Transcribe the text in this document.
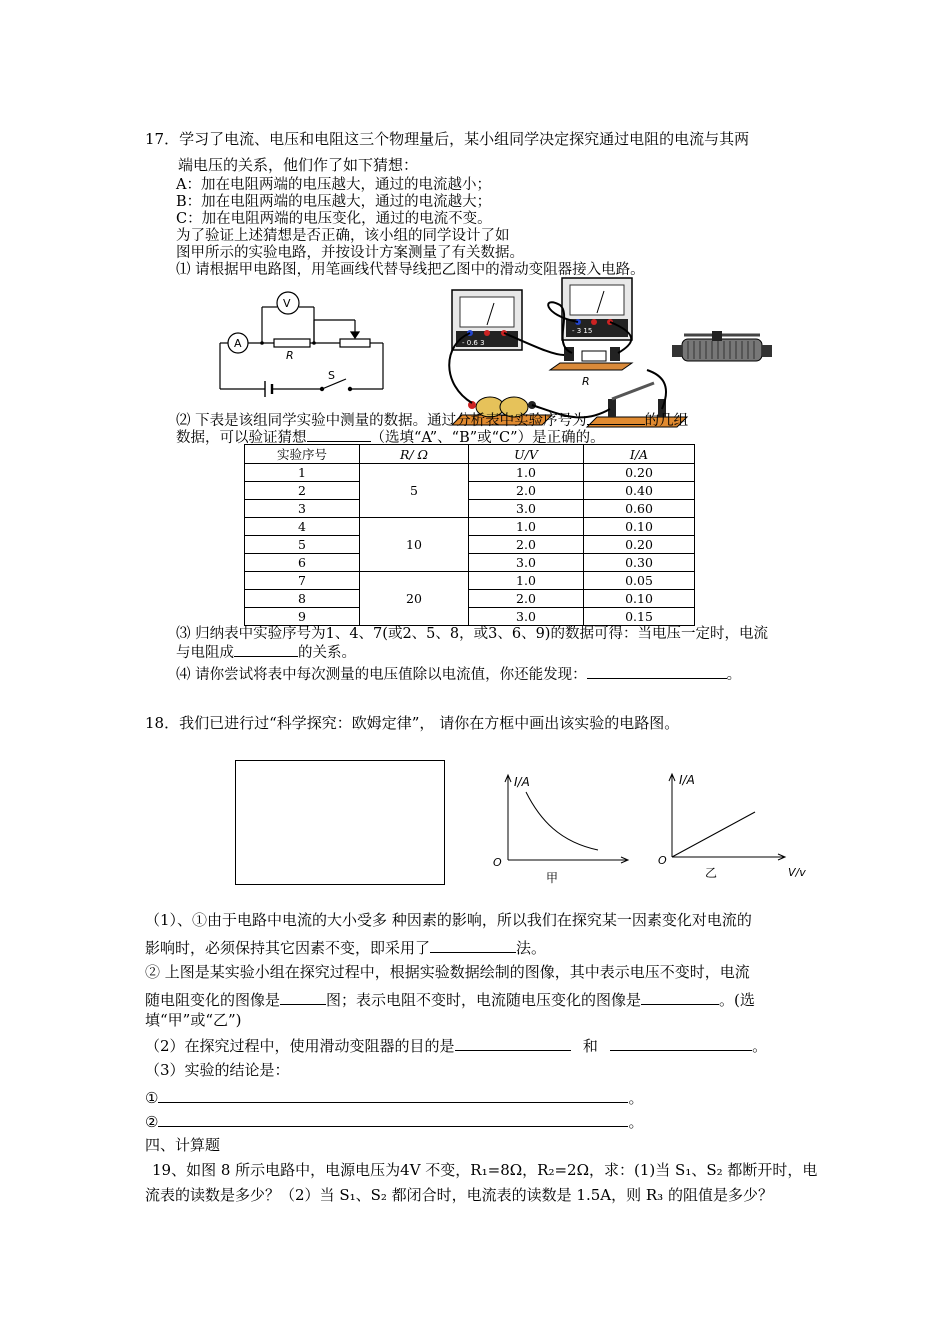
17．学习了电流、电压和电阻这三个物理量后，某小组同学决定探究通过电阻的电流与其两
端电压的关系，他们作了如下猜想：
A：加在电阻两端的电压越大，通过的电流越小；
B：加在电阻两端的电压越大，通过的电流越大；
C：加在电阻两端的电压变化，通过的电流不变。
为了验证上述猜想是否正确，该小组的同学设计了如
图甲所示的实验电路，并按设计方案测量了有关数据。
⑴ 请根据甲电路图，用笔画线代替导线把乙图中的滑动变阻器接入电路。
V
A
R
S
- 0.6 3
- 3 15
R
⑵ 下表是该组同学实验中测量的数据。通过分析表中实验序号为	的几组
数据，可以验证猜想	（选填“A”、“B”或“C”）是正确的。
实验序号	R/ Ω	U/V	I/A
1	5	1.0	0.20
2		2.0	0.40
3		3.0	0.60
4	10	1.0	0.10
5		2.0	0.20
6		3.0	0.30
7	20	1.0	0.05
8		2.0	0.10
9		3.0	0.15
⑶ 归纳表中实验序号为1、4、7(或2、5、8，或3、6、9)的数据可得：当电压一定时，电流
与电阻成	的关系。
⑷ 请你尝试将表中每次测量的电压值除以电流值，你还能发现：	。
18．我们已进行过“科学探究：欧姆定律”， 请你在方框中画出该实验的电路图。
I/A
O
甲
I/A
O
乙	V/v
（1）、①由于电路中电流的大小受多 种因素的影响，所以我们在探究某一因素变化对电流的
影响时，必须保持其它因素不变，即采用了	法。
② 上图是某实验小组在探究过程中，根据实验数据绘制的图像，其中表示电压不变时，电流
随电阻变化的图像是	图；表示电阻不变时，电流随电压变化的图像是	。(选
填“甲”或“乙”)
（2）在探究过程中，使用滑动变阻器的目的是	和	。
（3）实验的结论是：
①	。
②	。
四、计算题
19、如图 8 所示电路中，电源电压为4V 不变，R₁=8Ω，R₂=2Ω，求：(1)当 S₁、S₂ 都断开时，电
流表的读数是多少？（2）当 S₁、S₂ 都闭合时，电流表的读数是 1.5A，则 R₃ 的阻值是多少？
